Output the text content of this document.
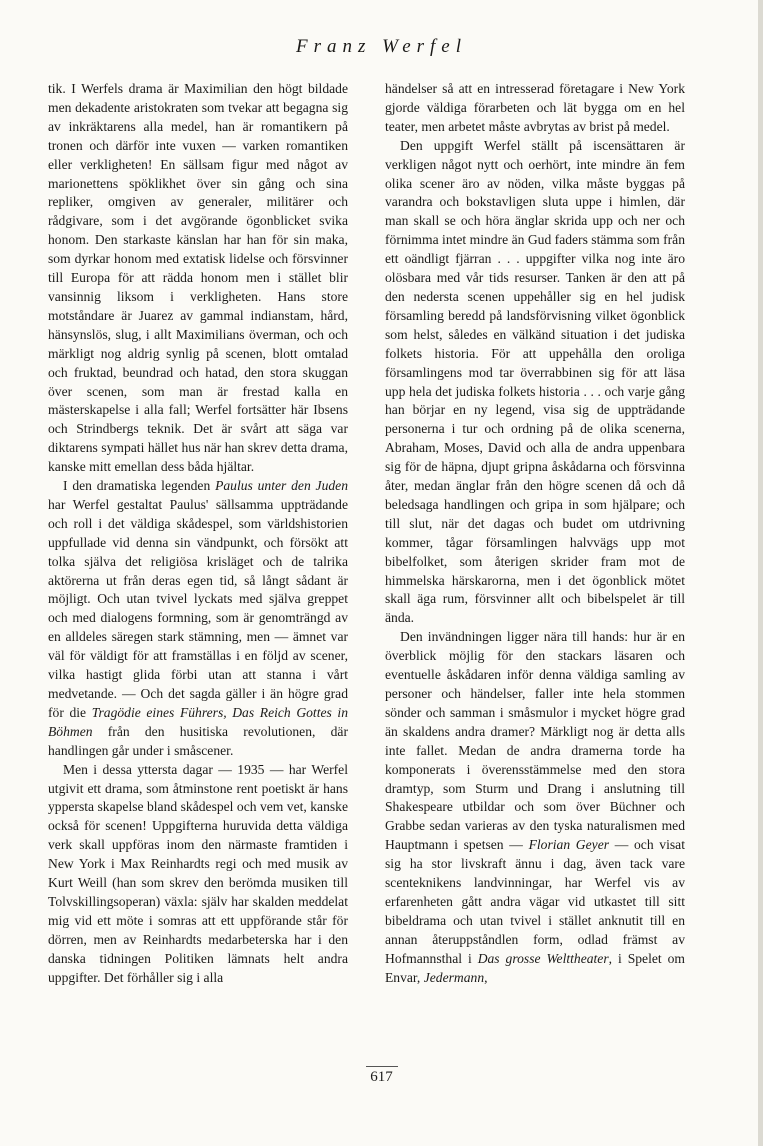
Franz Werfel

tik. I Werfels drama är Maximilian den högt bildade men dekadente aristokraten som tvekar att begagna sig av inkräktarens alla medel, han är romantikern på tronen och därför inte vuxen — varken romantiken eller verkligheten! En sällsam figur med något av marionettens spöklikhet över sin gång och sina repliker, omgiven av generaler, militärer och rådgivare, som i det avgörande ögonblicket svika honom. Den starkaste känslan har han för sin maka, som dyrkar honom med extatisk lidelse och försvinner till Europa för att rädda honom men i stället blir vansinnig liksom i verkligheten. Hans store motståndare är Juarez av gammal indianstam, hård, hänsynslös, slug, i allt Maximilians överman, och och märkligt nog aldrig synlig på scenen, blott omtalad och fruktad, beundrad och hatad, den stora skuggan över scenen, som man är frestad kalla en mästerskapelse i alla fall; Werfel fortsätter här Ibsens och Strindbergs teknik. Det är svårt att säga var diktarens sympati hället hus när han skrev detta drama, kanske mitt emellan dess båda hjältar.

I den dramatiska legenden Paulus unter den Juden har Werfel gestaltat Paulus' sällsamma uppträdande och roll i det väldiga skådespel, som världshistorien uppfullade vid denna sin vändpunkt, och försökt att tolka själva det religiösa krisläget och de talrika aktörerna ut från deras egen tid, så långt sådant är möjligt. Och utan tvivel lyckats med själva greppet och med dialogens formning, som är genomträngd av en alldeles säregen stark stämning, men — ämnet var väl för väldigt för att framställas i en följd av scener, vilka hastigt glida förbi utan att stanna i vårt medvetande. — Och det sagda gäller i än högre grad för die Tragödie eines Führers, Das Reich Gottes in Böhmen från den husitiska revolutionen, där handlingen går under i småscener.

Men i dessa yttersta dagar — 1935 — har Werfel utgivit ett drama, som åtminstone rent poetiskt är hans yppersta skapelse bland skådespel och vem vet, kanske också för scenen! Uppgifterna huruvida detta väldiga verk skall uppföras inom den närmaste framtiden i New York i Max Reinhardts regi och med musik av Kurt Weill (han som skrev den berömda musiken till Tolvskillingsoperan) växla: själv har skalden meddelat mig vid ett möte i somras att ett uppförande står för dörren, men av Reinhardts medarbeterska har i den danska tidningen Politiken lämnats helt andra uppgifter. Det förhåller sig i alla

händelser så att en intresserad företagare i New York gjorde väldiga förarbeten och lät bygga om en hel teater, men arbetet måste avbrytas av brist på medel.

Den uppgift Werfel ställt på iscensättaren är verkligen något nytt och oerhört, inte mindre än fem olika scener äro av nöden, vilka måste byggas på varandra och bokstavligen sluta uppe i himlen, där man skall se och höra änglar skrida upp och ner och förnimma intet mindre än Gud faders stämma som från ett oändligt fjärran . . . uppgifter vilka nog inte äro olösbara med vår tids resurser. Tanken är den att på den nedersta scenen uppehåller sig en hel judisk församling beredd på landsförvisning vilket ögonblick som helst, således en välkänd situation i det judiska folkets historia. För att uppehålla den oroliga församlingens mod tar överrabbinen sig för att läsa upp hela det judiska folkets historia . . . och varje gång han börjar en ny legend, visa sig de uppträdande personerna i tur och ordning på de olika scenerna, Abraham, Moses, David och alla de andra uppenbara sig för de häpna, djupt gripna åskådarna och försvinna åter, medan änglar från den högre scenen då och då beledsaga handlingen och gripa in som hjälpare; och till slut, när det dagas och budet om utdrivning kommer, tågar församlingen halvvägs upp mot bibelfolket, som återigen skrider fram mot de himmelska härskarorna, men i det ögonblick mötet skall äga rum, försvinner allt och bibelspelet är till ända.

Den invändningen ligger nära till hands: hur är en överblick möjlig för den stackars läsaren och eventuelle åskådaren inför denna väldiga samling av personer och händelser, faller inte hela stommen sönder och samman i småsmulor i mycket högre grad än skaldens andra dramer? Märkligt nog är detta alls inte fallet. Medan de andra dramerna torde ha komponerats i överensstämmelse med den stora dramtyp, som Sturm und Drang i anslutning till Shakespeare utbildar och som över Büchner och Grabbe sedan varieras av den tyska naturalismen med Hauptmann i spetsen — Florian Geyer — och visat sig ha stor livskraft ännu i dag, även tack vare scenteknikens landvinningar, har Werfel vis av erfarenheten gått andra vägar vid utkastet till sitt bibeldrama och utan tvivel i stället anknutit till en annan återuppståndlen form, odlad främst av Hofmannsthal i Das grosse Welttheater, i Spelet om Envar, Jedermann,

617
